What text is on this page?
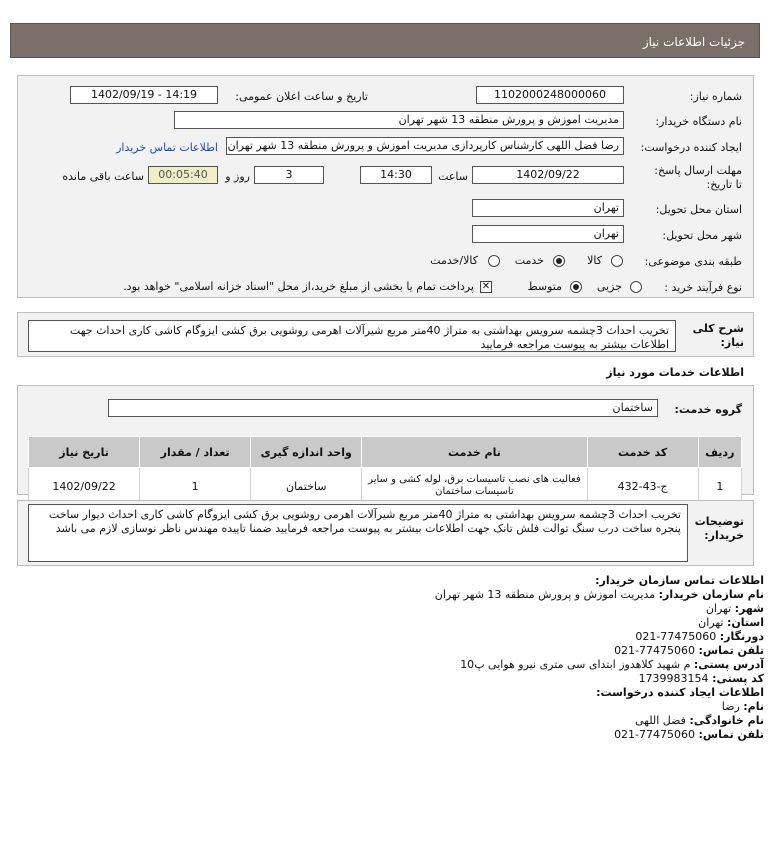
جزئیات اطلاعات نیاز
شماره نیاز:
1102000248000060
تاریخ و ساعت اعلان عمومی:
1402/09/19 - 14:19
نام دستگاه خریدار:
مدیریت اموزش و پرورش منطقه 13 شهر تهران
ایجاد کننده درخواست:
رضا فضل اللهی کارشناس کارپردازی مدیریت اموزش و پرورش منطقه 13 شهر تهران
اطلاعات تماس خریدار
مهلت ارسال پاسخ: تا تاریخ:
1402/09/22
ساعت
14:30
3
روز و
00:05:40
ساعت باقی مانده
استان محل تحویل:
تهران
شهر محل تحویل:
تهران
طبقه بندی موضوعی:
کالا
خدمت
کالا/خدمت
نوع فرآیند خرید :
جزیی
متوسط
✕
پرداخت تمام یا بخشی از مبلغ خرید،از محل "اسناد خزانه اسلامی" خواهد بود.
شرح کلی نیاز:
تخریب احداث 3چشمه سرویس بهداشتی به متراژ 40متر مربع شیرآلات اهرمی روشویی برق کشی ایزوگام کاشی کاری احداث جهت اطلاعات بیشتر به پیوست مراجعه فرمایید
اطلاعات خدمات مورد نیاز
گروه خدمت:
ساختمان
ردیف	کد خدمت	نام خدمت	واحد اندازه گیری	تعداد / مقدار	تاریخ نیاز
1	ج-43-432	فعالیت های نصب تاسیسات برق، لوله کشی و سایر تاسیسات ساختمان	ساختمان	1	1402/09/22
توضیحات خریدار:
تخریب احداث 3چشمه سرویس بهداشتی به متراژ 40متر مربع شیرآلات اهرمی روشویی برق کشی ایزوگام کاشی کاری احداث دیوار ساخت پنجره ساخت درب سنگ توالت فلش تانک جهت اطلاعات بیشتر به پیوست مراجعه فرمایید ضمنا تاییده مهندس ناظر نوسازی لازم می باشد
اطلاعات تماس سازمان خریدار:
نام سازمان خریدار: مدیریت اموزش و پرورش منطقه 13 شهر تهران
شهر: تهران
استان: تهران
دورنگار: 021-77475060
تلفن تماس: 021-77475060
آدرس پستی: م شهید کلاهدوز ابتدای سی متری نیرو هوایی پ10
کد پستی: 1739983154
اطلاعات ایجاد کننده درخواست:
نام: رضا
نام خانوادگی: فضل اللهی
تلفن تماس: 021-77475060
